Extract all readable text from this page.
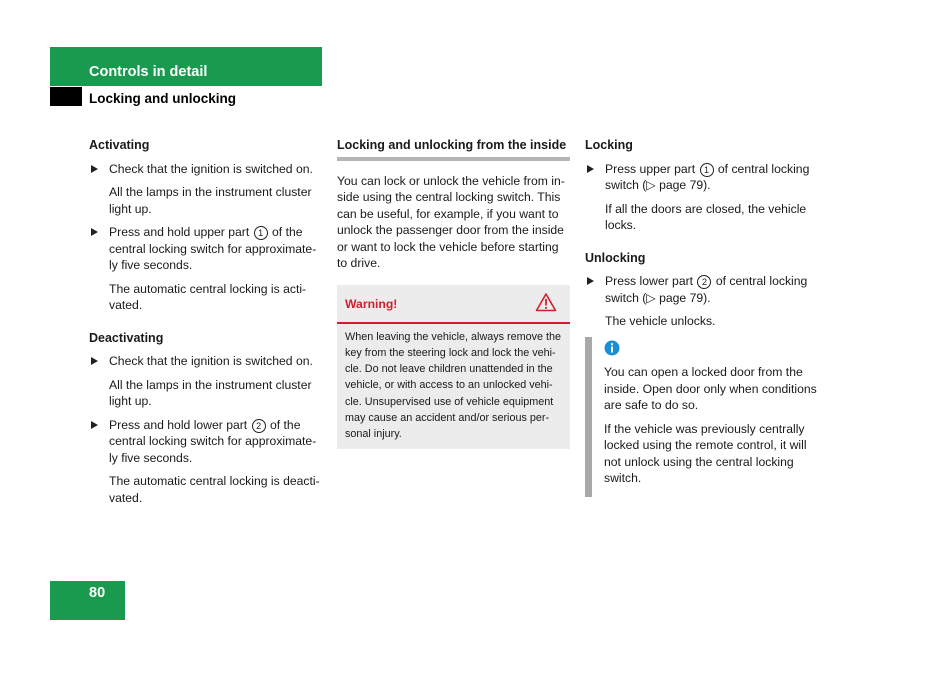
Controls in detail
Locking and unlocking
Activating
Check that the ignition is switched on.
All the lamps in the instrument cluster light up.
Press and hold upper part 1 of the central locking switch for approximate-ly five seconds.
The automatic central locking is acti-vated.
Deactivating
Check that the ignition is switched on.
All the lamps in the instrument cluster light up.
Press and hold lower part 2 of the central locking switch for approximate-ly five seconds.
The automatic central locking is deacti-vated.
Locking and unlocking from the inside

You can lock or unlock the vehicle from in-side using the central locking switch. This can be useful, for example, if you want to unlock the passenger door from the inside or want to lock the vehicle before starting to drive.

Warning!
When leaving the vehicle, always remove the key from the steering lock and lock the vehi-cle. Do not leave children unattended in the vehicle, or with access to an unlocked vehi-cle. Unsupervised use of vehicle equipment may cause an accident and/or serious per-sonal injury.
Locking
Press upper part 1 of central locking switch (▷ page 79).
If all the doors are closed, the vehicle locks.
Unlocking
Press lower part 2 of central locking switch (▷ page 79).
The vehicle unlocks.

You can open a locked door from the inside. Open door only when conditions are safe to do so.

If the vehicle was previously centrally locked using the remote control, it will not unlock using the central locking switch.

80
